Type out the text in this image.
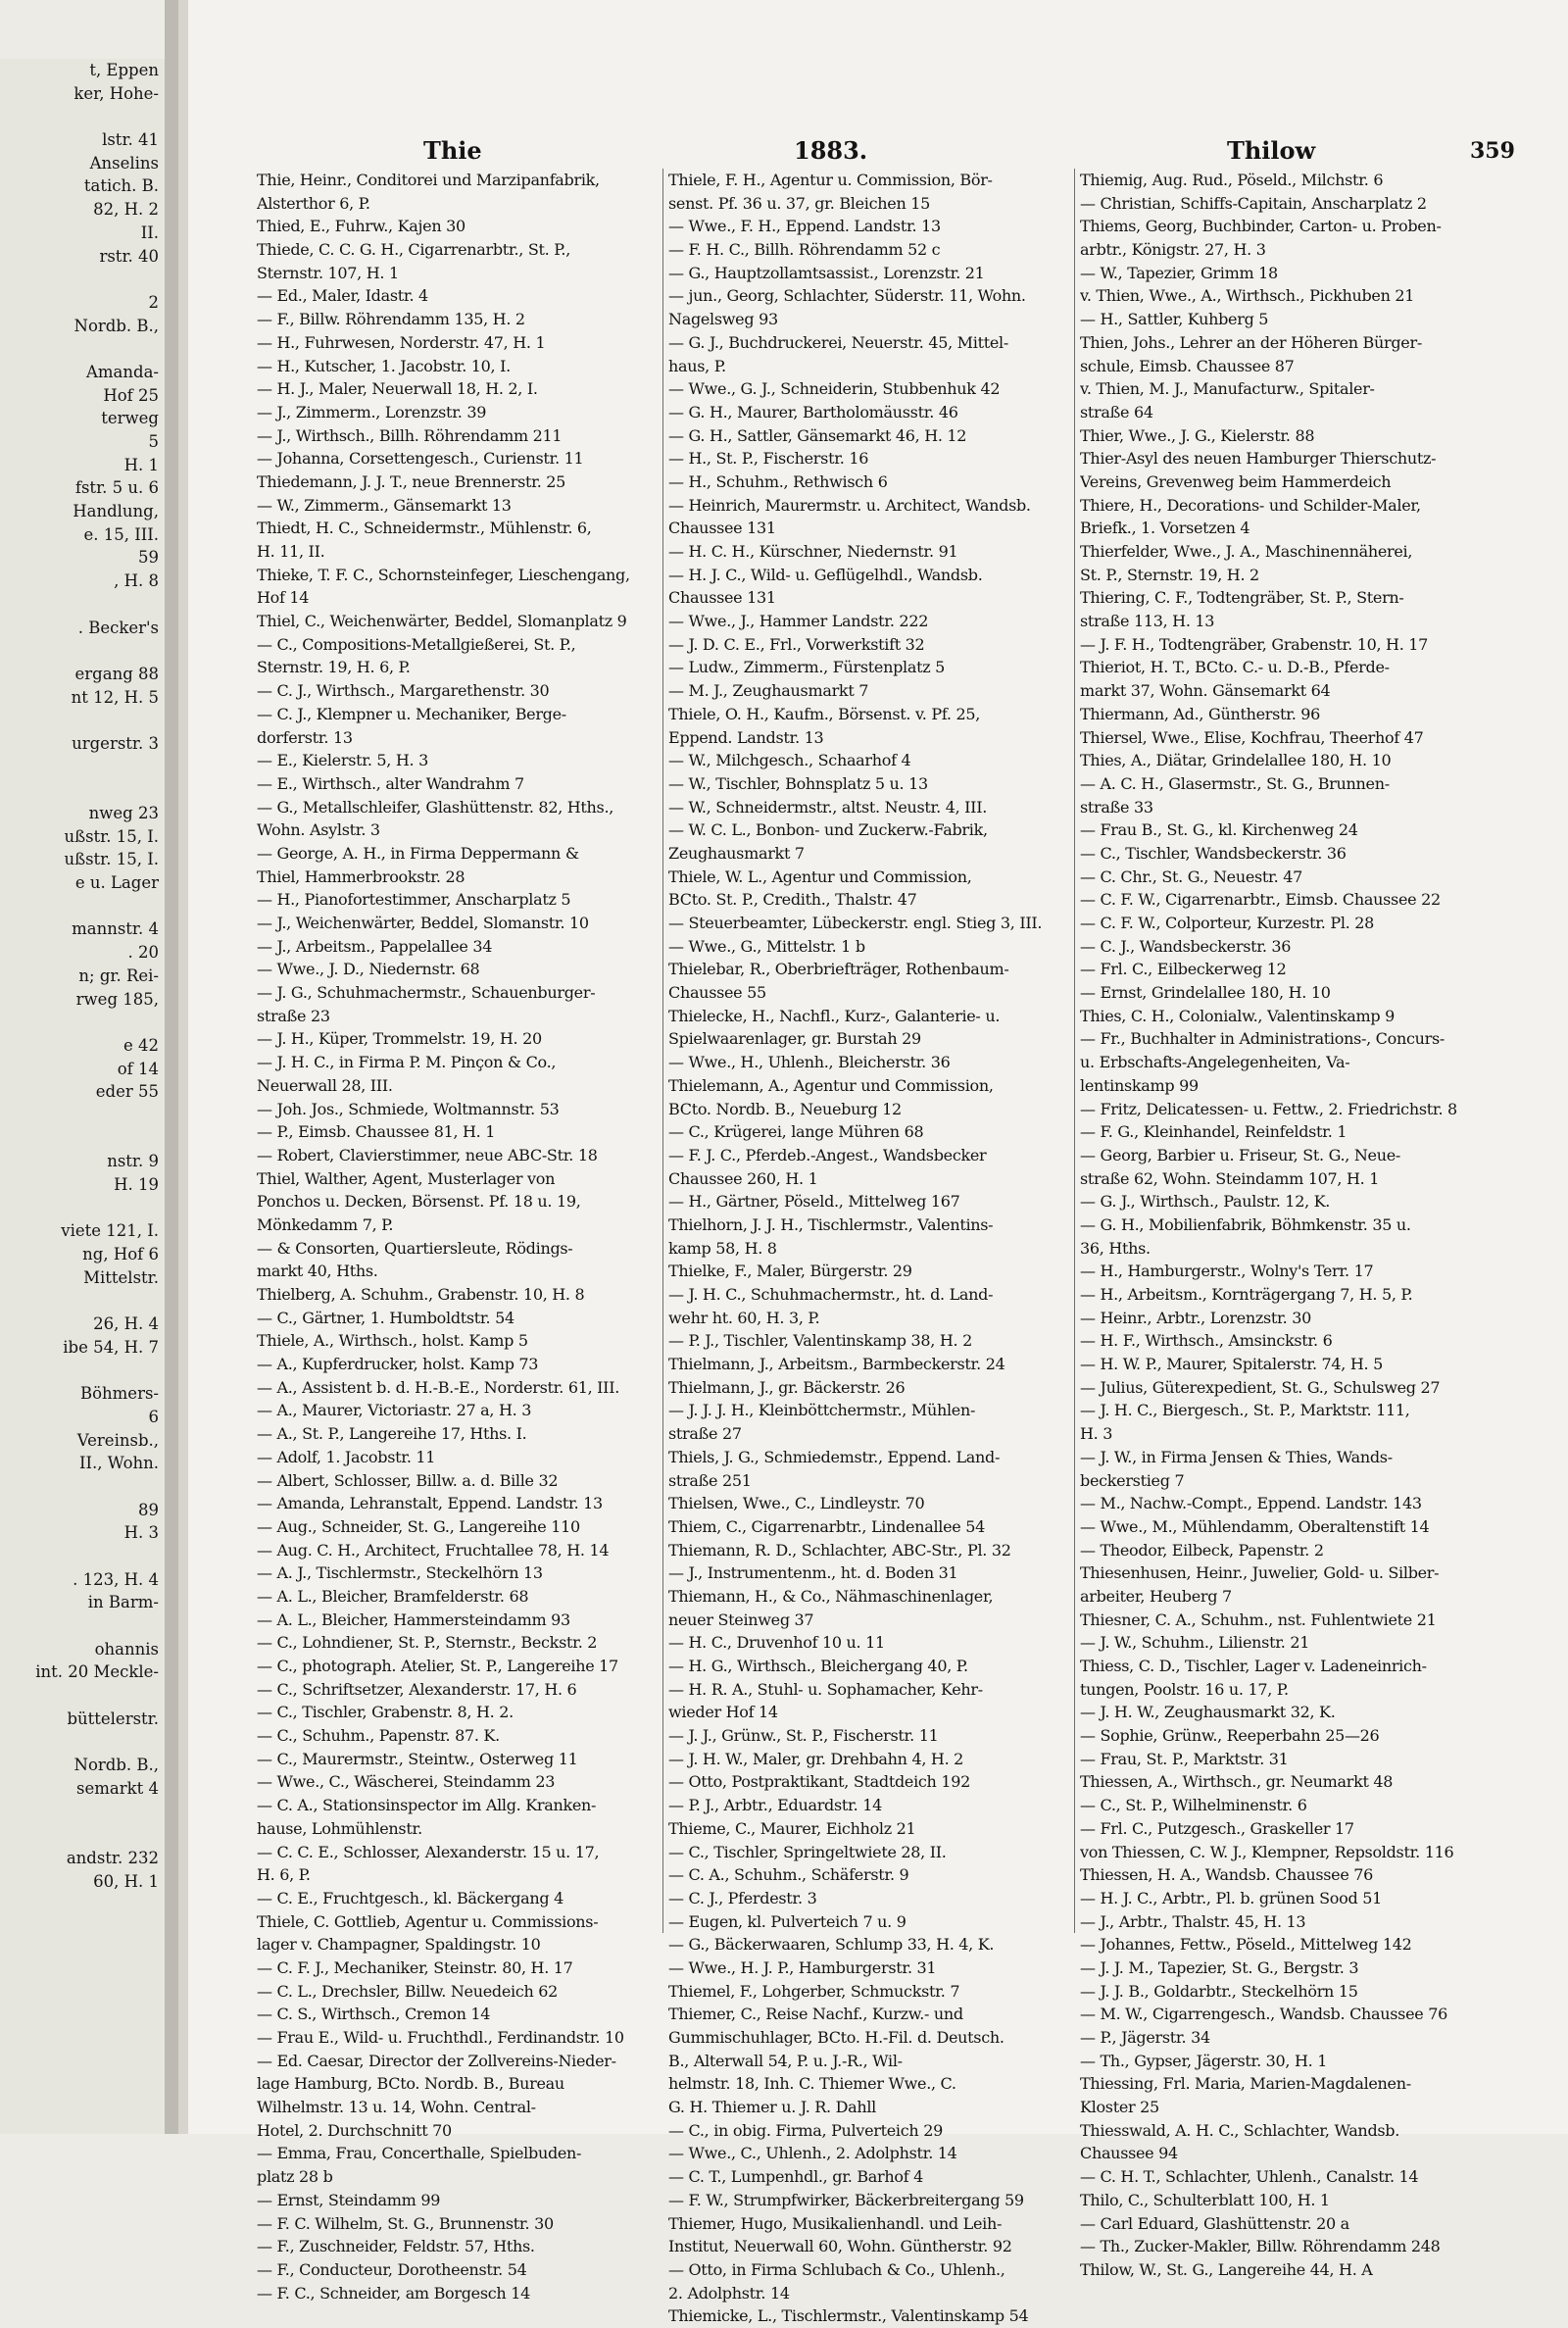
t, Eppen
ker, Hohe-
lstr. 41
Anselins
tatich. B.
82, H. 2
II.
rstr. 40
2
Nordb. B.,
Amanda-
Hof 25
terweg
5
H. 1
fstr. 5 u. 6
Handlung,
e. 15, III.
59
, H. 8
. Becker's
ergang 88
nt 12, H. 5
urgerstr. 3
nweg 23
ußstr. 15, I.
ußstr. 15, I.
e u. Lager
mannstr. 4
. 20
n; gr. Rei-
rweg 185,
e 42
of 14
eder 55
nstr. 9
H. 19
viete 121, I.
ng, Hof 6
Mittelstr.
26, H. 4
ibe 54, H. 7
Böhmers-
6
Vereinsb.,
II., Wohn.
89
H. 3
. 123, H. 4
in Barm-
ohannis
int. 20 Meckle-
büttelerstr.
Nordb. B.,
semarkt 4
andstr. 232
60, H. 1
Thie	1883.	Thilow	359
Thie, Heinr., Conditorei und Marzipanfabrik,
Alsterthor 6, P.
Thied, E., Fuhrw., Kajen 30
Thiede, C. C. G. H., Cigarrenarbtr., St. P.,
Sternstr. 107, H. 1
— Ed., Maler, Idastr. 4
— F., Billw. Röhrendamm 135, H. 2
— H., Fuhrwesen, Norderstr. 47, H. 1
— H., Kutscher, 1. Jacobstr. 10, I.
— H. J., Maler, Neuerwall 18, H. 2, I.
— J., Zimmerm., Lorenzstr. 39
— J., Wirthsch., Billh. Röhrendamm 211
— Johanna, Corsettengesch., Curienstr. 11
Thiedemann, J. J. T., neue Brennerstr. 25
— W., Zimmerm., Gänsemarkt 13
Thiedt, H. C., Schneidermstr., Mühlenstr. 6,
H. 11, II.
Thieke, T. F. C., Schornsteinfeger, Lieschengang,
Hof 14
Thiel, C., Weichenwärter, Beddel, Slomanplatz 9
— C., Compositions-Metallgießerei, St. P.,
Sternstr. 19, H. 6, P.
— C. J., Wirthsch., Margarethenstr. 30
— C. J., Klempner u. Mechaniker, Berge-
dorferstr. 13
— E., Kielerstr. 5, H. 3
— E., Wirthsch., alter Wandrahm 7
— G., Metallschleifer, Glashüttenstr. 82, Hths.,
Wohn. Asylstr. 3
— George, A. H., in Firma Deppermann &
Thiel, Hammerbrookstr. 28
— H., Pianofortestimmer, Anscharplatz 5
— J., Weichenwärter, Beddel, Slomanstr. 10
— J., Arbeitsm., Pappelallee 34
— Wwe., J. D., Niedernstr. 68
— J. G., Schuhmachermstr., Schauenburger-
straße 23
— J. H., Küper, Trommelstr. 19, H. 20
— J. H. C., in Firma P. M. Pinçon & Co.,
Neuerwall 28, III.
— Joh. Jos., Schmiede, Woltmannstr. 53
— P., Eimsb. Chaussee 81, H. 1
— Robert, Clavierstimmer, neue ABC-Str. 18
Thiel, Walther, Agent, Musterlager von
Ponchos u. Decken, Börsenst. Pf. 18 u. 19,
Mönkedamm 7, P.
— & Consorten, Quartiersleute, Rödings-
markt 40, Hths.
Thielberg, A. Schuhm., Grabenstr. 10, H. 8
— C., Gärtner, 1. Humboldtstr. 54
Thiele, A., Wirthsch., holst. Kamp 5
— A., Kupferdrucker, holst. Kamp 73
— A., Assistent b. d. H.-B.-E., Norderstr. 61, III.
— A., Maurer, Victoriastr. 27 a, H. 3
— A., St. P., Langereihe 17, Hths. I.
— Adolf, 1. Jacobstr. 11
— Albert, Schlosser, Billw. a. d. Bille 32
— Amanda, Lehranstalt, Eppend. Landstr. 13
— Aug., Schneider, St. G., Langereihe 110
— Aug. C. H., Architect, Fruchtallee 78, H. 14
— A. J., Tischlermstr., Steckelhörn 13
— A. L., Bleicher, Bramfelderstr. 68
— A. L., Bleicher, Hammersteindamm 93
— C., Lohndiener, St. P., Sternstr., Beckstr. 2
— C., photograph. Atelier, St. P., Langereihe 17
— C., Schriftsetzer, Alexanderstr. 17, H. 6
— C., Tischler, Grabenstr. 8, H. 2.
— C., Schuhm., Papenstr. 87. K.
— C., Maurermstr., Steintw., Osterweg 11
— Wwe., C., Wäscherei, Steindamm 23
— C. A., Stationsinspector im Allg. Kranken-
hause, Lohmühlenstr.
— C. C. E., Schlosser, Alexanderstr. 15 u. 17,
H. 6, P.
— C. E., Fruchtgesch., kl. Bäckergang 4
Thiele, C. Gottlieb, Agentur u. Commissions-
lager v. Champagner, Spaldingstr. 10
— C. F. J., Mechaniker, Steinstr. 80, H. 17
— C. L., Drechsler, Billw. Neuedeich 62
— C. S., Wirthsch., Cremon 14
— Frau E., Wild- u. Fruchthdl., Ferdinandstr. 10
— Ed. Caesar, Director der Zollvereins-Nieder-
lage Hamburg, BCto. Nordb. B., Bureau
Wilhelmstr. 13 u. 14, Wohn. Central-
Hotel, 2. Durchschnitt 70
— Emma, Frau, Concerthalle, Spielbuden-
platz 28 b
— Ernst, Steindamm 99
— F. C. Wilhelm, St. G., Brunnenstr. 30
— F., Zuschneider, Feldstr. 57, Hths.
— F., Conducteur, Dorotheenstr. 54
— F. C., Schneider, am Borgesch 14
Thiele, F. H., Agentur u. Commission, Bör-
senst. Pf. 36 u. 37, gr. Bleichen 15
— Wwe., F. H., Eppend. Landstr. 13
— F. H. C., Billh. Röhrendamm 52 c
— G., Hauptzollamtsassist., Lorenzstr. 21
— jun., Georg, Schlachter, Süderstr. 11, Wohn.
Nagelsweg 93
— G. J., Buchdruckerei, Neuerstr. 45, Mittel-
haus, P.
— Wwe., G. J., Schneiderin, Stubbenhuk 42
— G. H., Maurer, Bartholomäusstr. 46
— G. H., Sattler, Gänsemarkt 46, H. 12
— H., St. P., Fischerstr. 16
— H., Schuhm., Rethwisch 6
— Heinrich, Maurermstr. u. Architect, Wandsb.
Chaussee 131
— H. C. H., Kürschner, Niedernstr. 91
— H. J. C., Wild- u. Geflügelhdl., Wandsb.
Chaussee 131
— Wwe., J., Hammer Landstr. 222
— J. D. C. E., Frl., Vorwerkstift 32
— Ludw., Zimmerm., Fürstenplatz 5
— M. J., Zeughausmarkt 7
Thiele, O. H., Kaufm., Börsenst. v. Pf. 25,
Eppend. Landstr. 13
— W., Milchgesch., Schaarhof 4
— W., Tischler, Bohnsplatz 5 u. 13
— W., Schneidermstr., altst. Neustr. 4, III.
— W. C. L., Bonbon- und Zuckerw.-Fabrik,
Zeughausmarkt 7
Thiele, W. L., Agentur und Commission,
BCto. St. P., Credith., Thalstr. 47
— Steuerbeamter, Lübeckerstr. engl. Stieg 3, III.
— Wwe., G., Mittelstr. 1 b
Thielebar, R., Oberbriefträger, Rothenbaum-
Chaussee 55
Thielecke, H., Nachfl., Kurz-, Galanterie- u.
Spielwaarenlager, gr. Burstah 29
— Wwe., H., Uhlenh., Bleicherstr. 36
Thielemann, A., Agentur und Commission,
BCto. Nordb. B., Neueburg 12
— C., Krügerei, lange Mühren 68
— F. J. C., Pferdeb.-Angest., Wandsbecker
Chaussee 260, H. 1
— H., Gärtner, Pöseld., Mittelweg 167
Thielhorn, J. J. H., Tischlermstr., Valentins-
kamp 58, H. 8
Thielke, F., Maler, Bürgerstr. 29
— J. H. C., Schuhmachermstr., ht. d. Land-
wehr ht. 60, H. 3, P.
— P. J., Tischler, Valentinskamp 38, H. 2
Thielmann, J., Arbeitsm., Barmbeckerstr. 24
Thielmann, J., gr. Bäckerstr. 26
— J. J. J. H., Kleinböttchermstr., Mühlen-
straße 27
Thiels, J. G., Schmiedemstr., Eppend. Land-
straße 251
Thielsen, Wwe., C., Lindleystr. 70
Thiem, C., Cigarrenarbtr., Lindenallee 54
Thiemann, R. D., Schlachter, ABC-Str., Pl. 32
— J., Instrumentenm., ht. d. Boden 31
Thiemann, H., & Co., Nähmaschinenlager,
neuer Steinweg 37
— H. C., Druvenhof 10 u. 11
— H. G., Wirthsch., Bleichergang 40, P.
— H. R. A., Stuhl- u. Sophamacher, Kehr-
wieder Hof 14
— J. J., Grünw., St. P., Fischerstr. 11
— J. H. W., Maler, gr. Drehbahn 4, H. 2
— Otto, Postpraktikant, Stadtdeich 192
— P. J., Arbtr., Eduardstr. 14
Thieme, C., Maurer, Eichholz 21
— C., Tischler, Springeltwiete 28, II.
— C. A., Schuhm., Schäferstr. 9
— C. J., Pferdestr. 3
— Eugen, kl. Pulverteich 7 u. 9
— G., Bäckerwaaren, Schlump 33, H. 4, K.
— Wwe., H. J. P., Hamburgerstr. 31
Thiemel, F., Lohgerber, Schmuckstr. 7
Thiemer, C., Reise Nachf., Kurzw.- und
Gummischuhlager, BCto. H.-Fil. d. Deutsch.
B., Alterwall 54, P. u. J.-R., Wil-
helmstr. 18, Inh. C. Thiemer Wwe., C.
G. H. Thiemer u. J. R. Dahll
— C., in obig. Firma, Pulverteich 29
— Wwe., C., Uhlenh., 2. Adolphstr. 14
— C. T., Lumpenhdl., gr. Barhof 4
— F. W., Strumpfwirker, Bäckerbreitergang 59
Thiemer, Hugo, Musikalienhandl. und Leih-
Institut, Neuerwall 60, Wohn. Güntherstr. 92
— Otto, in Firma Schlubach & Co., Uhlenh.,
2. Adolphstr. 14
Thiemicke, L., Tischlermstr., Valentinskamp 54
Thiemig, Aug. Rud., Pöseld., Milchstr. 6
— Christian, Schiffs-Capitain, Anscharplatz 2
Thiems, Georg, Buchbinder, Carton- u. Proben-
arbtr., Königstr. 27, H. 3
— W., Tapezier, Grimm 18
v. Thien, Wwe., A., Wirthsch., Pickhuben 21
— H., Sattler, Kuhberg 5
Thien, Johs., Lehrer an der Höheren Bürger-
schule, Eimsb. Chaussee 87
v. Thien, M. J., Manufacturw., Spitaler-
straße 64
Thier, Wwe., J. G., Kielerstr. 88
Thier-Asyl des neuen Hamburger Thierschutz-
Vereins, Grevenweg beim Hammerdeich
Thiere, H., Decorations- und Schilder-Maler,
Briefk., 1. Vorsetzen 4
Thierfelder, Wwe., J. A., Maschinennäherei,
St. P., Sternstr. 19, H. 2
Thiering, C. F., Todtengräber, St. P., Stern-
straße 113, H. 13
— J. F. H., Todtengräber, Grabenstr. 10, H. 17
Thieriot, H. T., BCto. C.- u. D.-B., Pferde-
markt 37, Wohn. Gänsemarkt 64
Thiermann, Ad., Güntherstr. 96
Thiersel, Wwe., Elise, Kochfrau, Theerhof 47
Thies, A., Diätar, Grindelallee 180, H. 10
— A. C. H., Glasermstr., St. G., Brunnen-
straße 33
— Frau B., St. G., kl. Kirchenweg 24
— C., Tischler, Wandsbeckerstr. 36
— C. Chr., St. G., Neuestr. 47
— C. F. W., Cigarrenarbtr., Eimsb. Chaussee 22
— C. F. W., Colporteur, Kurzestr. Pl. 28
— C. J., Wandsbeckerstr. 36
— Frl. C., Eilbeckerweg 12
— Ernst, Grindelallee 180, H. 10
Thies, C. H., Colonialw., Valentinskamp 9
— Fr., Buchhalter in Administrations-, Concurs-
u. Erbschafts-Angelegenheiten, Va-
lentinskamp 99
— Fritz, Delicatessen- u. Fettw., 2. Friedrichstr. 8
— F. G., Kleinhandel, Reinfeldstr. 1
— Georg, Barbier u. Friseur, St. G., Neue-
straße 62, Wohn. Steindamm 107, H. 1
— G. J., Wirthsch., Paulstr. 12, K.
— G. H., Mobilienfabrik, Böhmkenstr. 35 u.
36, Hths.
— H., Hamburgerstr., Wolny's Terr. 17
— H., Arbeitsm., Kornträgergang 7, H. 5, P.
— Heinr., Arbtr., Lorenzstr. 30
— H. F., Wirthsch., Amsinckstr. 6
— H. W. P., Maurer, Spitalerstr. 74, H. 5
— Julius, Güterexpedient, St. G., Schulsweg 27
— J. H. C., Biergesch., St. P., Marktstr. 111,
H. 3
— J. W., in Firma Jensen & Thies, Wands-
beckerstieg 7
— M., Nachw.-Compt., Eppend. Landstr. 143
— Wwe., M., Mühlendamm, Oberaltenstift 14
— Theodor, Eilbeck, Papenstr. 2
Thiesenhusen, Heinr., Juwelier, Gold- u. Silber-
arbeiter, Heuberg 7
Thiesner, C. A., Schuhm., nst. Fuhlentwiete 21
— J. W., Schuhm., Lilienstr. 21
Thiess, C. D., Tischler, Lager v. Ladeneinrich-
tungen, Poolstr. 16 u. 17, P.
— J. H. W., Zeughausmarkt 32, K.
— Sophie, Grünw., Reeperbahn 25—26
— Frau, St. P., Marktstr. 31
Thiessen, A., Wirthsch., gr. Neumarkt 48
— C., St. P., Wilhelminenstr. 6
— Frl. C., Putzgesch., Graskeller 17
von Thiessen, C. W. J., Klempner, Repsoldstr. 116
Thiessen, H. A., Wandsb. Chaussee 76
— H. J. C., Arbtr., Pl. b. grünen Sood 51
— J., Arbtr., Thalstr. 45, H. 13
— Johannes, Fettw., Pöseld., Mittelweg 142
— J. J. M., Tapezier, St. G., Bergstr. 3
— J. J. B., Goldarbtr., Steckelhörn 15
— M. W., Cigarrengesch., Wandsb. Chaussee 76
— P., Jägerstr. 34
— Th., Gypser, Jägerstr. 30, H. 1
Thiessing, Frl. Maria, Marien-Magdalenen-
Kloster 25
Thiesswald, A. H. C., Schlachter, Wandsb.
Chaussee 94
— C. H. T., Schlachter, Uhlenh., Canalstr. 14
Thilo, C., Schulterblatt 100, H. 1
— Carl Eduard, Glashüttenstr. 20 a
— Th., Zucker-Makler, Billw. Röhrendamm 248
Thilow, W., St. G., Langereihe 44, H. A
